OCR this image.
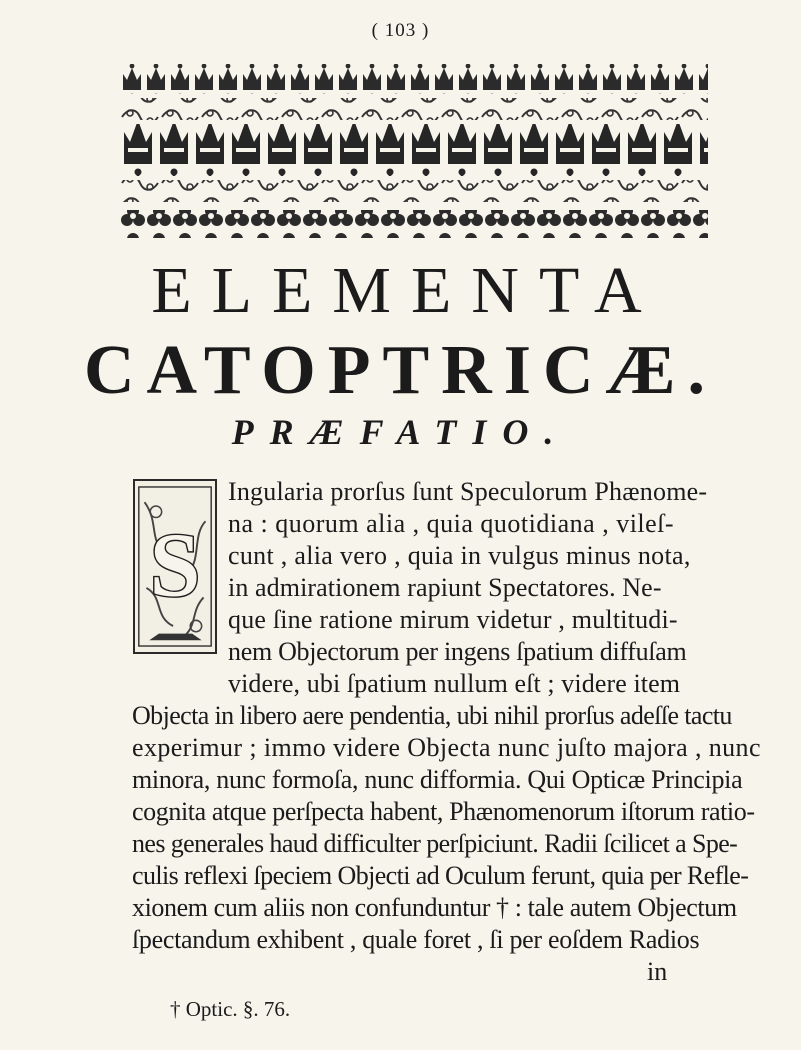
( 103 )
ELEMENTA
CATOPTRICÆ.
PRÆFATIO.
S
Ingularia prorſus ſunt Speculorum Phænome-
na : quorum alia , quia quotidiana , vileſ-
cunt , alia vero , quia in vulgus minus nota,
in admirationem rapiunt Spectatores. Ne-
que ſine ratione mirum videtur , multitudi-
nem Objectorum per ingens ſpatium diffuſam
videre, ubi ſpatium nullum eſt ; videre item
Objecta in libero aere pendentia, ubi nihil prorſus adeſſe tactu
experimur ; immo videre Objecta nunc juſto majora , nunc
minora, nunc formoſa, nunc difformia. Qui Opticæ Principia
cognita atque perſpecta habent, Phænomenorum iſtorum ratio-
nes generales haud difficulter perſpiciunt. Radii ſcilicet a Spe-
culis reflexi ſpeciem Objecti ad Oculum ferunt, quia per Refle-
xionem cum aliis non confunduntur † : tale autem Objectum
ſpectandum exhibent , quale foret , ſi per eoſdem Radios
in
† Optic. §. 76.
